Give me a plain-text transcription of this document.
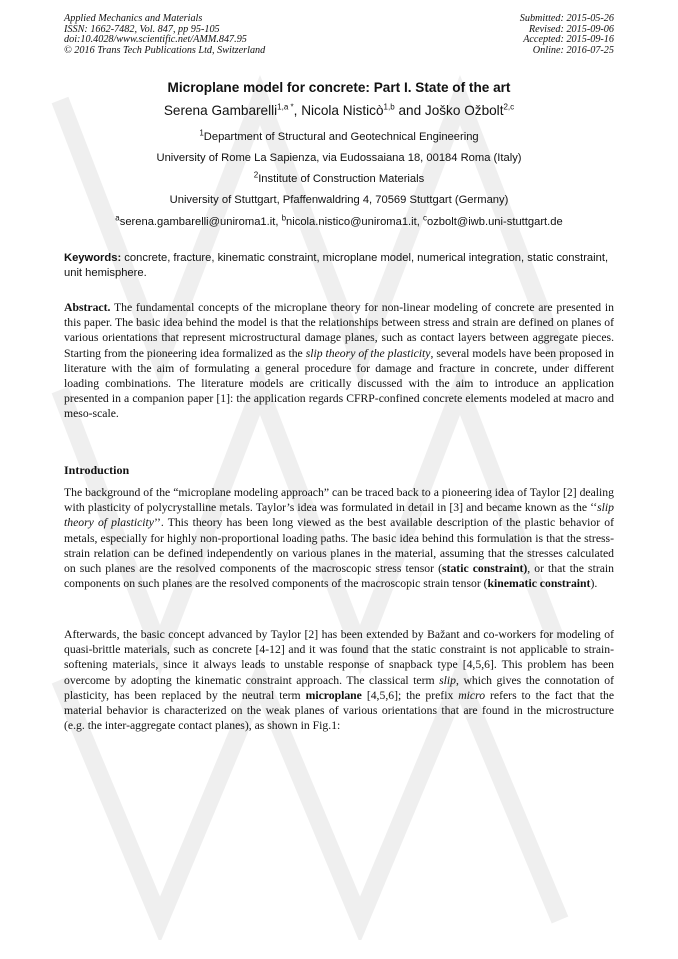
Applied Mechanics and Materials
ISSN: 1662-7482, Vol. 847, pp 95-105
doi:10.4028/www.scientific.net/AMM.847.95
© 2016 Trans Tech Publications Ltd, Switzerland
Submitted: 2015-05-26
Revised: 2015-09-06
Accepted: 2015-09-16
Online: 2016-07-25
Microplane model for concrete: Part I. State of the art
Serena Gambarelli$^{1,a *}$, Nicola Nisticò$^{1,b}$ and Joško Ožbolt$^{2,c}$
$^1$Department of Structural and Geotechnical Engineering
University of Rome La Sapienza, via Eudossaiana 18, 00184 Roma (Italy)
$^2$Institute of Construction Materials
University of Stuttgart, Pfaffenwaldring 4, 70569 Stuttgart (Germany)
$^a$serena.gambarelli@uniroma1.it, $^b$nicola.nistico@uniroma1.it, $^c$ozbolt@iwb.uni-stuttgart.de
Keywords: concrete, fracture, kinematic constraint, microplane model, numerical integration, static constraint, unit hemisphere.
Abstract. The fundamental concepts of the microplane theory for non-linear modeling of concrete are presented in this paper. The basic idea behind the model is that the relationships between stress and strain are defined on planes of various orientations that represent microstructural damage planes, such as contact layers between aggregate pieces. Starting from the pioneering idea formalized as the slip theory of the plasticity, several models have been proposed in literature with the aim of formulating a general procedure for damage and fracture in concrete, under different loading combinations. The literature models are critically discussed with the aim to introduce an application presented in a companion paper [1]: the application regards CFRP-confined concrete elements modeled at macro and meso-scale.
Introduction
The background of the “microplane modeling approach” can be traced back to a pioneering idea of Taylor [2] dealing with plasticity of polycrystalline metals. Taylor’s idea was formulated in detail in [3] and became known as the ‘‘slip theory of plasticity’’. This theory has been long viewed as the best available description of the plastic behavior of metals, especially for highly non-proportional loading paths. The basic idea behind this formulation is that the stress-strain relation can be defined independently on various planes in the material, assuming that the stresses calculated on such planes are the resolved components of the macroscopic stress tensor (static constraint), or that the strain components on such planes are the resolved components of the macroscopic strain tensor (kinematic constraint).
Afterwards, the basic concept advanced by Taylor [2] has been extended by Bažant and co-workers for modeling of quasi-brittle materials, such as concrete [4-12] and it was found that the static constraint is not applicable to strain-softening materials, since it always leads to unstable response of snapback type [4,5,6]. This problem has been overcome by adopting the kinematic constraint approach. The classical term slip, which gives the connotation of plasticity, has been replaced by the neutral term microplane [4,5,6]; the prefix micro refers to the fact that the material behavior is characterized on the weak planes of various orientations that are found in the microstructure (e.g. the inter-aggregate contact planes), as shown in Fig.1:
